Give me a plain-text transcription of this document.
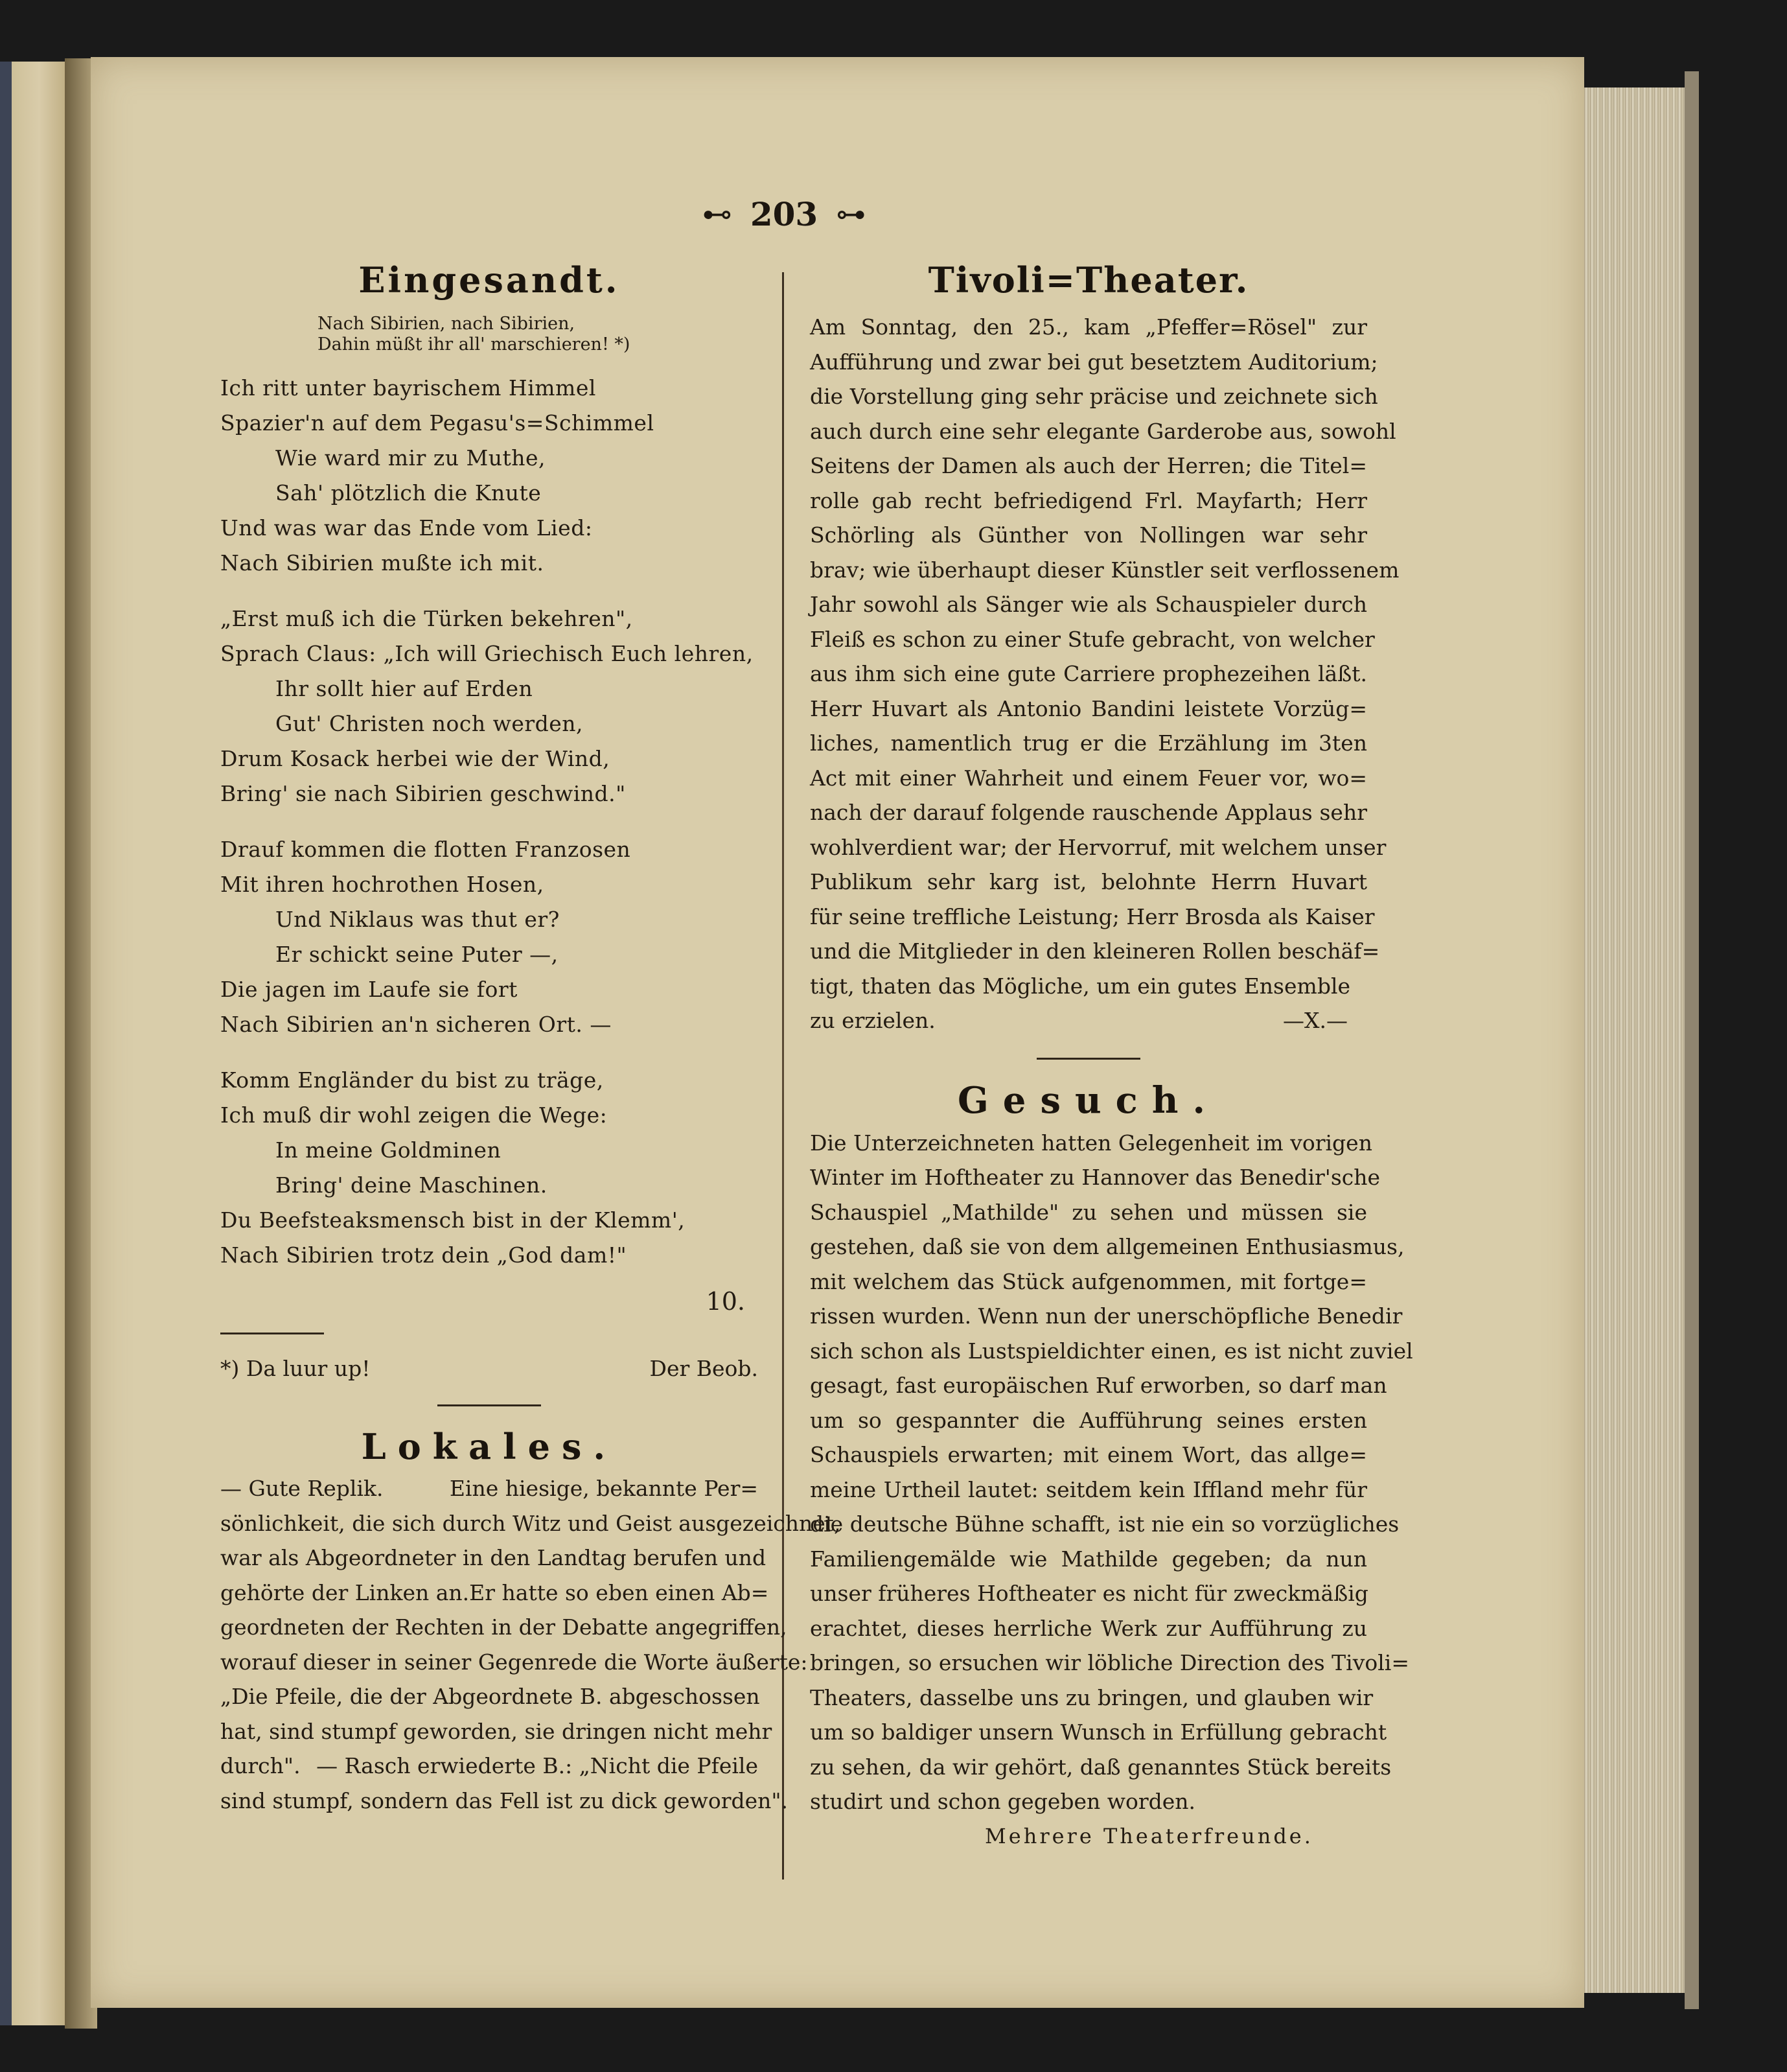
⊷ 203 ⊶
Eingesandt.
Nach Sibirien, nach Sibirien,
Dahin müßt ihr all' marschieren! *)
Ich ritt unter bayrischem Himmel
Spazier'n auf dem Pegasu's=Schimmel
Wie ward mir zu Muthe,
Sah' plötzlich die Knute
Und was war das Ende vom Lied:
Nach Sibirien mußte ich mit.
„Erst muß ich die Türken bekehren",
Sprach Claus: „Ich will Griechisch Euch lehren,
Ihr sollt hier auf Erden
Gut' Christen noch werden,
Drum Kosack herbei wie der Wind,
Bring' sie nach Sibirien geschwind."
Drauf kommen die flotten Franzosen
Mit ihren hochrothen Hosen,
Und Niklaus was thut er?
Er schickt seine Puter —,
Die jagen im Laufe sie fort
Nach Sibirien an'n sicheren Ort. —
Komm Engländer du bist zu träge,
Ich muß dir wohl zeigen die Wege:
In meine Goldminen
Bring' deine Maschinen.
Du Beefsteaksmensch bist in der Klemm',
Nach Sibirien trotz dein „God dam!"
10.
*) Da luur up!	Der Beob.
Lokales.
— Gute Replik.	Eine hiesige, bekannte Per=
sönlichkeit, die sich durch Witz und Geist ausgezeichnet,
war als Abgeordneter in den Landtag berufen und
gehörte der Linken an. Er hatte so eben einen Ab=
geordneten der Rechten in der Debatte angegriffen,
worauf dieser in seiner Gegenrede die Worte äußerte:
„Die Pfeile, die der Abgeordnete B. abgeschossen
hat, sind stumpf geworden, sie dringen nicht mehr
durch". — Rasch erwiederte B.: „Nicht die Pfeile
sind stumpf, sondern das Fell ist zu dick geworden".
Tivoli=Theater.
Am Sonntag, den 25., kam „Pfeffer=Rösel" zur
Aufführung und zwar bei gut besetztem Auditorium;
die Vorstellung ging sehr präcise und zeichnete sich
auch durch eine sehr elegante Garderobe aus, sowohl
Seitens der Damen als auch der Herren; die Titel=
rolle gab recht befriedigend Frl. Mayfarth; Herr
Schörling als Günther von Nollingen war sehr
brav; wie überhaupt dieser Künstler seit verflossenem
Jahr sowohl als Sänger wie als Schauspieler durch
Fleiß es schon zu einer Stufe gebracht, von welcher
aus ihm sich eine gute Carriere prophezeihen läßt.
Herr Huvart als Antonio Bandini leistete Vorzüg=
liches, namentlich trug er die Erzählung im 3ten
Act mit einer Wahrheit und einem Feuer vor, wo=
nach der darauf folgende rauschende Applaus sehr
wohlverdient war; der Hervorruf, mit welchem unser
Publikum sehr karg ist, belohnte Herrn Huvart
für seine treffliche Leistung; Herr Brosda als Kaiser
und die Mitglieder in den kleineren Rollen beschäf=
tigt, thaten das Mögliche, um ein gutes Ensemble
zu erzielen.	—X.—
Gesuch.
Die Unterzeichneten hatten Gelegenheit im vorigen
Winter im Hoftheater zu Hannover das Benedir'sche
Schauspiel „Mathilde" zu sehen und müssen sie
gestehen, daß sie von dem allgemeinen Enthusiasmus,
mit welchem das Stück aufgenommen, mit fortge=
rissen wurden. Wenn nun der unerschöpfliche Benedir
sich schon als Lustspieldichter einen, es ist nicht zuviel
gesagt, fast europäischen Ruf erworben, so darf man
um so gespannter die Aufführung seines ersten
Schauspiels erwarten; mit einem Wort, das allge=
meine Urtheil lautet: seitdem kein Iffland mehr für
die deutsche Bühne schafft, ist nie ein so vorzügliches
Familiengemälde wie Mathilde gegeben; da nun
unser früheres Hoftheater es nicht für zweckmäßig
erachtet, dieses herrliche Werk zur Aufführung zu
bringen, so ersuchen wir löbliche Direction des Tivoli=
Theaters, dasselbe uns zu bringen, und glauben wir
um so baldiger unsern Wunsch in Erfüllung gebracht
zu sehen, da wir gehört, daß genanntes Stück bereits
studirt und schon gegeben worden.
Mehrere Theaterfreunde.
